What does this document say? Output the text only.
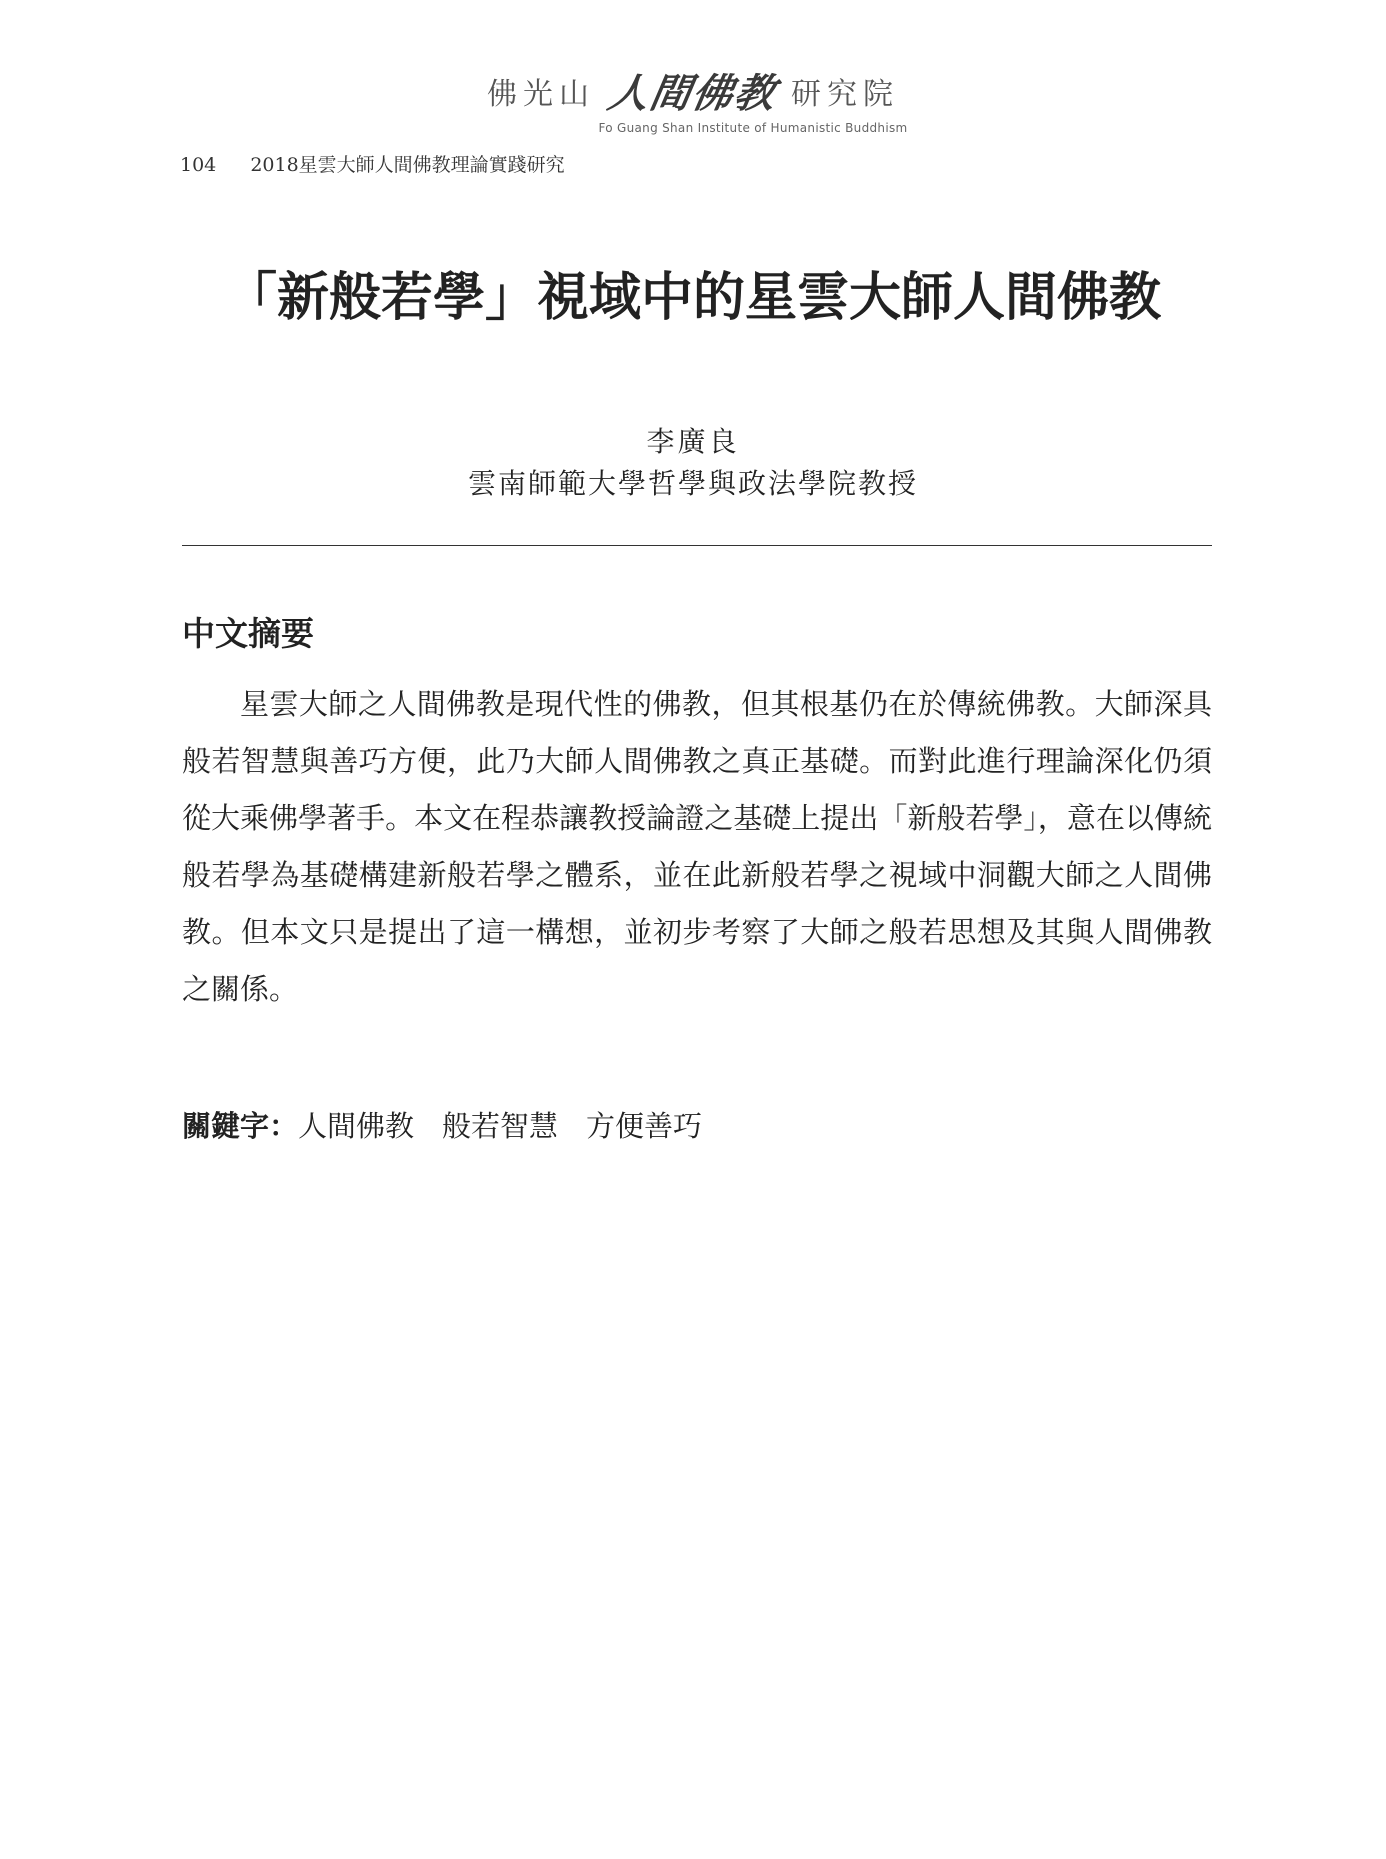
佛光山 人間佛教 研究院
Fo Guang Shan Institute of Humanistic Buddhism
104 2018星雲大師人間佛教理論實踐研究
「新般若學」視域中的星雲大師人間佛教
李廣良
雲南師範大學哲學與政法學院教授
中文摘要

星雲大師之人間佛教是現代性的佛教，但其根基仍在於傳統佛教。大師深具般若智慧與善巧方便，此乃大師人間佛教之真正基礎。而對此進行理論深化仍須從大乘佛學著手。本文在程恭讓教授論證之基礎上提出「新般若學」，意在以傳統般若學為基礎構建新般若學之體系，並在此新般若學之視域中洞觀大師之人間佛教。但本文只是提出了這一構想，並初步考察了大師之般若思想及其與人間佛教之關係。

關鍵字：人間佛教 般若智慧 方便善巧
